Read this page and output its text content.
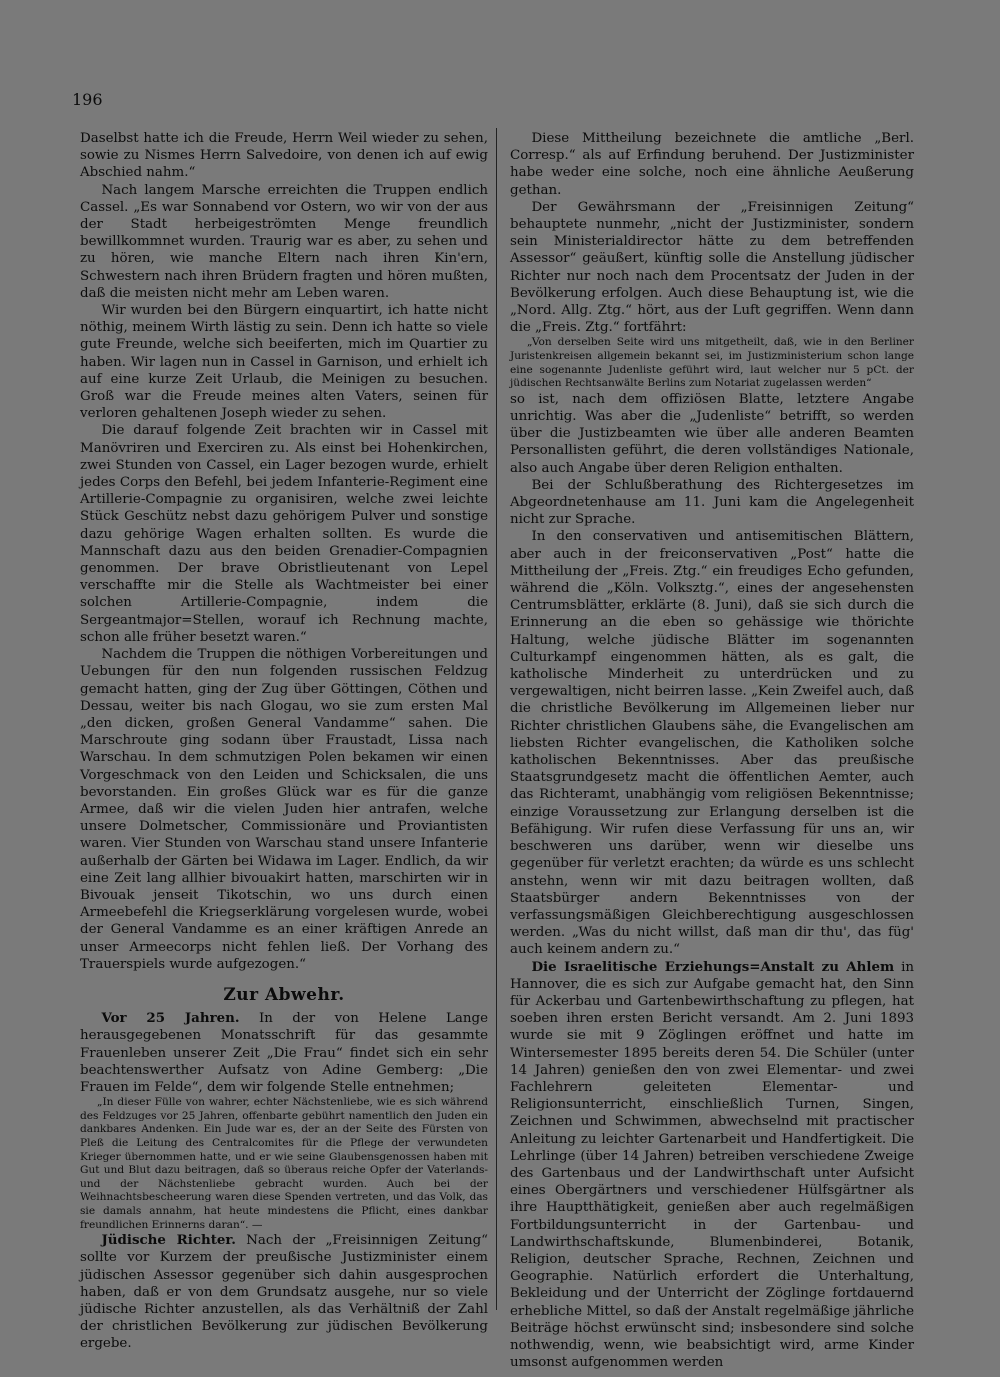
196

Daselbst hatte ich die Freude, Herrn Weil wieder zu sehen, sowie zu Nismes Herrn Salvedoire, von denen ich auf ewig Abschied nahm.“

Nach langem Marsche erreichten die Truppen endlich Cassel. „Es war Sonnabend vor Ostern, wo wir von der aus der Stadt herbeigeströmten Menge freundlich bewillkommnet wurden. Traurig war es aber, zu sehen und zu hören, wie manche Eltern nach ihren Kin'ern, Schwestern nach ihren Brüdern fragten und hören mußten, daß die meisten nicht mehr am Leben waren.

Wir wurden bei den Bürgern einquartirt, ich hatte nicht nöthig, meinem Wirth lästig zu sein. Denn ich hatte so viele gute Freunde, welche sich beeiferten, mich im Quartier zu haben. Wir lagen nun in Cassel in Garnison, und erhielt ich auf eine kurze Zeit Urlaub, die Meinigen zu besuchen. Groß war die Freude meines alten Vaters, seinen für verloren gehaltenen Joseph wieder zu sehen.

Die darauf folgende Zeit brachten wir in Cassel mit Manövriren und Exerciren zu. Als einst bei Hohenkirchen, zwei Stunden von Cassel, ein Lager bezogen wurde, erhielt jedes Corps den Befehl, bei jedem Infanterie-Regiment eine Artillerie-Compagnie zu organisiren, welche zwei leichte Stück Geschütz nebst dazu gehörigem Pulver und sonstige dazu gehörige Wagen erhalten sollten. Es wurde die Mannschaft dazu aus den beiden Grenadier-Compagnien genommen. Der brave Obristlieutenant von Lepel verschaffte mir die Stelle als Wachtmeister bei einer solchen Artillerie-Compagnie, indem die Sergeantmajor=Stellen, worauf ich Rechnung machte, schon alle früher besetzt waren.“

Nachdem die Truppen die nöthigen Vorbereitungen und Uebungen für den nun folgenden russischen Feldzug gemacht hatten, ging der Zug über Göttingen, Cöthen und Dessau, weiter bis nach Glogau, wo sie zum ersten Mal „den dicken, großen General Vandamme“ sahen. Die Marschroute ging sodann über Fraustadt, Lissa nach Warschau. In dem schmutzigen Polen bekamen wir einen Vorgeschmack von den Leiden und Schicksalen, die uns bevorstanden. Ein großes Glück war es für die ganze Armee, daß wir die vielen Juden hier antrafen, welche unsere Dolmetscher, Commissionäre und Proviantisten waren. Vier Stunden von Warschau stand unsere Infanterie außerhalb der Gärten bei Widawa im Lager. Endlich, da wir eine Zeit lang allhier bivouakirt hatten, marschirten wir in Bivouak jenseit Tikotschin, wo uns durch einen Armeebefehl die Kriegserklärung vorgelesen wurde, wobei der General Vandamme es an einer kräftigen Anrede an unser Armeecorps nicht fehlen ließ. Der Vorhang des Trauerspiels wurde aufgezogen.“

Zur Abwehr.

Vor 25 Jahren. In der von Helene Lange herausgegebenen Monatsschrift für das gesammte Frauenleben unserer Zeit „Die Frau“ findet sich ein sehr beachtenswerther Aufsatz von Adine Gemberg: „Die Frauen im Felde“, dem wir folgende Stelle entnehmen;

„In dieser Fülle von wahrer, echter Nächstenliebe, wie es sich während des Feldzuges vor 25 Jahren, offenbarte gebührt namentlich den Juden ein dankbares Andenken. Ein Jude war es, der an der Seite des Fürsten von Pleß die Leitung des Centralcomites für die Pflege der verwundeten Krieger übernommen hatte, und er wie seine Glaubensgenossen haben mit Gut und Blut dazu beitragen, daß so überaus reiche Opfer der Vaterlands- und der Nächstenliebe gebracht wurden. Auch bei der Weihnachtsbescheerung waren diese Spenden vertreten, und das Volk, das sie damals annahm, hat heute mindestens die Pflicht, eines dankbar freundlichen Erinnerns daran“. —

Jüdische Richter. Nach der „Freisinnigen Zeitung“ sollte vor Kurzem der preußische Justizminister einem jüdischen Assessor gegenüber sich dahin ausgesprochen haben, daß er von dem Grundsatz ausgehe, nur so viele jüdische Richter anzustellen, als das Verhältniß der Zahl der christlichen Bevölkerung zur jüdischen Bevölkerung ergebe.

Diese Mittheilung bezeichnete die amtliche „Berl. Corresp.“ als auf Erfindung beruhend. Der Justizminister habe weder eine solche, noch eine ähnliche Aeußerung gethan.

Der Gewährsmann der „Freisinnigen Zeitung“ behauptete nunmehr, „nicht der Justizminister, sondern sein Ministerialdirector hätte zu dem betreffenden Assessor“ geäußert, künftig solle die Anstellung jüdischer Richter nur noch nach dem Procentsatz der Juden in der Bevölkerung erfolgen. Auch diese Behauptung ist, wie die „Nord. Allg. Ztg.“ hört, aus der Luft gegriffen. Wenn dann die „Freis. Ztg.“ fortfährt:

„Von derselben Seite wird uns mitgetheilt, daß, wie in den Berliner Juristenkreisen allgemein bekannt sei, im Justizministerium schon lange eine sogenannte Judenliste geführt wird, laut welcher nur 5 pCt. der jüdischen Rechtsanwälte Berlins zum Notariat zugelassen werden“

so ist, nach dem offiziösen Blatte, letztere Angabe unrichtig. Was aber die „Judenliste“ betrifft, so werden über die Justizbeamten wie über alle anderen Beamten Personallisten geführt, die deren vollständiges Nationale, also auch Angabe über deren Religion enthalten.

Bei der Schlußberathung des Richtergesetzes im Abgeordnetenhause am 11. Juni kam die Angelegenheit nicht zur Sprache.

In den conservativen und antisemitischen Blättern, aber auch in der freiconservativen „Post“ hatte die Mittheilung der „Freis. Ztg.“ ein freudiges Echo gefunden, während die „Köln. Volksztg.“, eines der angesehensten Centrumsblätter, erklärte (8. Juni), daß sie sich durch die Erinnerung an die eben so gehässige wie thörichte Haltung, welche jüdische Blätter im sogenannten Culturkampf eingenommen hätten, als es galt, die katholische Minderheit zu unterdrücken und zu vergewaltigen, nicht beirren lasse. „Kein Zweifel auch, daß die christliche Bevölkerung im Allgemeinen lieber nur Richter christlichen Glaubens sähe, die Evangelischen am liebsten Richter evangelischen, die Katholiken solche katholischen Bekenntnisses. Aber das preußische Staatsgrundgesetz macht die öffentlichen Aemter, auch das Richteramt, unabhängig vom religiösen Bekenntnisse; einzige Voraussetzung zur Erlangung derselben ist die Befähigung. Wir rufen diese Verfassung für uns an, wir beschweren uns darüber, wenn wir dieselbe uns gegenüber für verletzt erachten; da würde es uns schlecht anstehn, wenn wir mit dazu beitragen wollten, daß Staatsbürger andern Bekenntnisses von der verfassungsmäßigen Gleichberechtigung ausgeschlossen werden. „Was du nicht willst, daß man dir thu', das füg' auch keinem andern zu.“

Die Israelitische Erziehungs=Anstalt zu Ahlem in Hannover, die es sich zur Aufgabe gemacht hat, den Sinn für Ackerbau und Gartenbewirthschaftung zu pflegen, hat soeben ihren ersten Bericht versandt. Am 2. Juni 1893 wurde sie mit 9 Zöglingen eröffnet und hatte im Wintersemester 1895 bereits deren 54. Die Schüler (unter 14 Jahren) genießen den von zwei Elementar- und zwei Fachlehrern geleiteten Elementar- und Religionsunterricht, einschließlich Turnen, Singen, Zeichnen und Schwimmen, abwechselnd mit practischer Anleitung zu leichter Gartenarbeit und Handfertigkeit. Die Lehrlinge (über 14 Jahren) betreiben verschiedene Zweige des Gartenbaus und der Landwirthschaft unter Aufsicht eines Obergärtners und verschiedener Hülfsgärtner als ihre Hauptthätigkeit, genießen aber auch regelmäßigen Fortbildungsunterricht in der Gartenbau- und Landwirthschaftskunde, Blumenbinderei, Botanik, Religion, deutscher Sprache, Rechnen, Zeichnen und Geographie. Natürlich erfordert die Unterhaltung, Bekleidung und der Unterricht der Zöglinge fortdauernd erhebliche Mittel, so daß der Anstalt regelmäßige jährliche Beiträge höchst erwünscht sind; insbesondere sind solche nothwendig, wenn, wie beabsichtigt wird, arme Kinder umsonst aufgenommen werden
